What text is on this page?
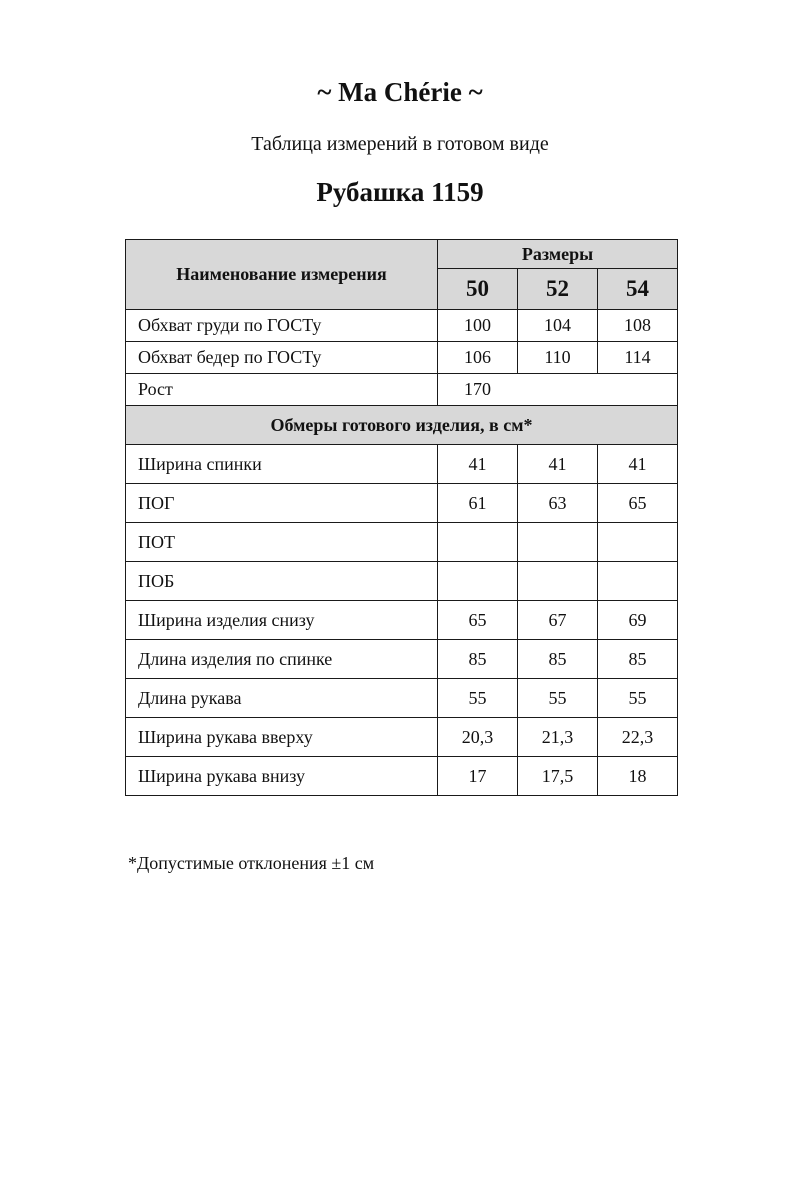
~ Ma Chérie ~
Таблица измерений в готовом виде
Рубашка 1159
Наименование измерения	Размеры		
	50	52	54
Обхват груди по ГОСТу	100	104	108
Обхват бедер по ГОСТу	106	110	114
Рост	170		
Обмеры готового изделия, в см*			
Ширина спинки	41	41	41
ПОГ	61	63	65
ПОТ			
ПОБ			
Ширина изделия снизу	65	67	69
Длина изделия по спинке	85	85	85
Длина рукава	55	55	55
Ширина рукава вверху	20,3	21,3	22,3
Ширина рукава внизу	17	17,5	18
*Допустимые отклонения ±1 см
